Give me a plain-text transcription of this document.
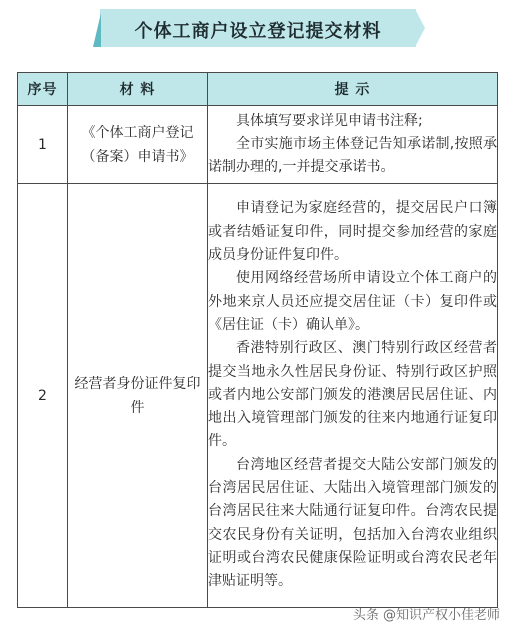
个体工商户设立登记提交材料
序号	材 料	提 示
1	《个体工商户登记（备案）申请书》	具体填写要求详见申请书注释;

全市实施市场主体登记告知承诺制,按照承诺制办理的,一并提交承诺书。

2	经营者身份证件复印件	申请登记为家庭经营的，提交居民户口簿或者结婚证复印件，同时提交参加经营的家庭成员身份证件复印件。

使用网络经营场所申请设立个体工商户的外地来京人员还应提交居住证（卡）复印件或《居住证（卡）确认单》。

香港特别行政区、澳门特别行政区经营者提交当地永久性居民身份证、特别行政区护照或者内地公安部门颁发的港澳居民居住证、内地出入境管理部门颁发的往来内地通行证复印件。

台湾地区经营者提交大陆公安部门颁发的台湾居民居住证、大陆出入境管理部门颁发的台湾居民往来大陆通行证复印件。台湾农民提交农民身份有关证明，包括加入台湾农业组织证明或台湾农民健康保险证明或台湾农民老年津贴证明等。

头条 @知识产权小佳老师
